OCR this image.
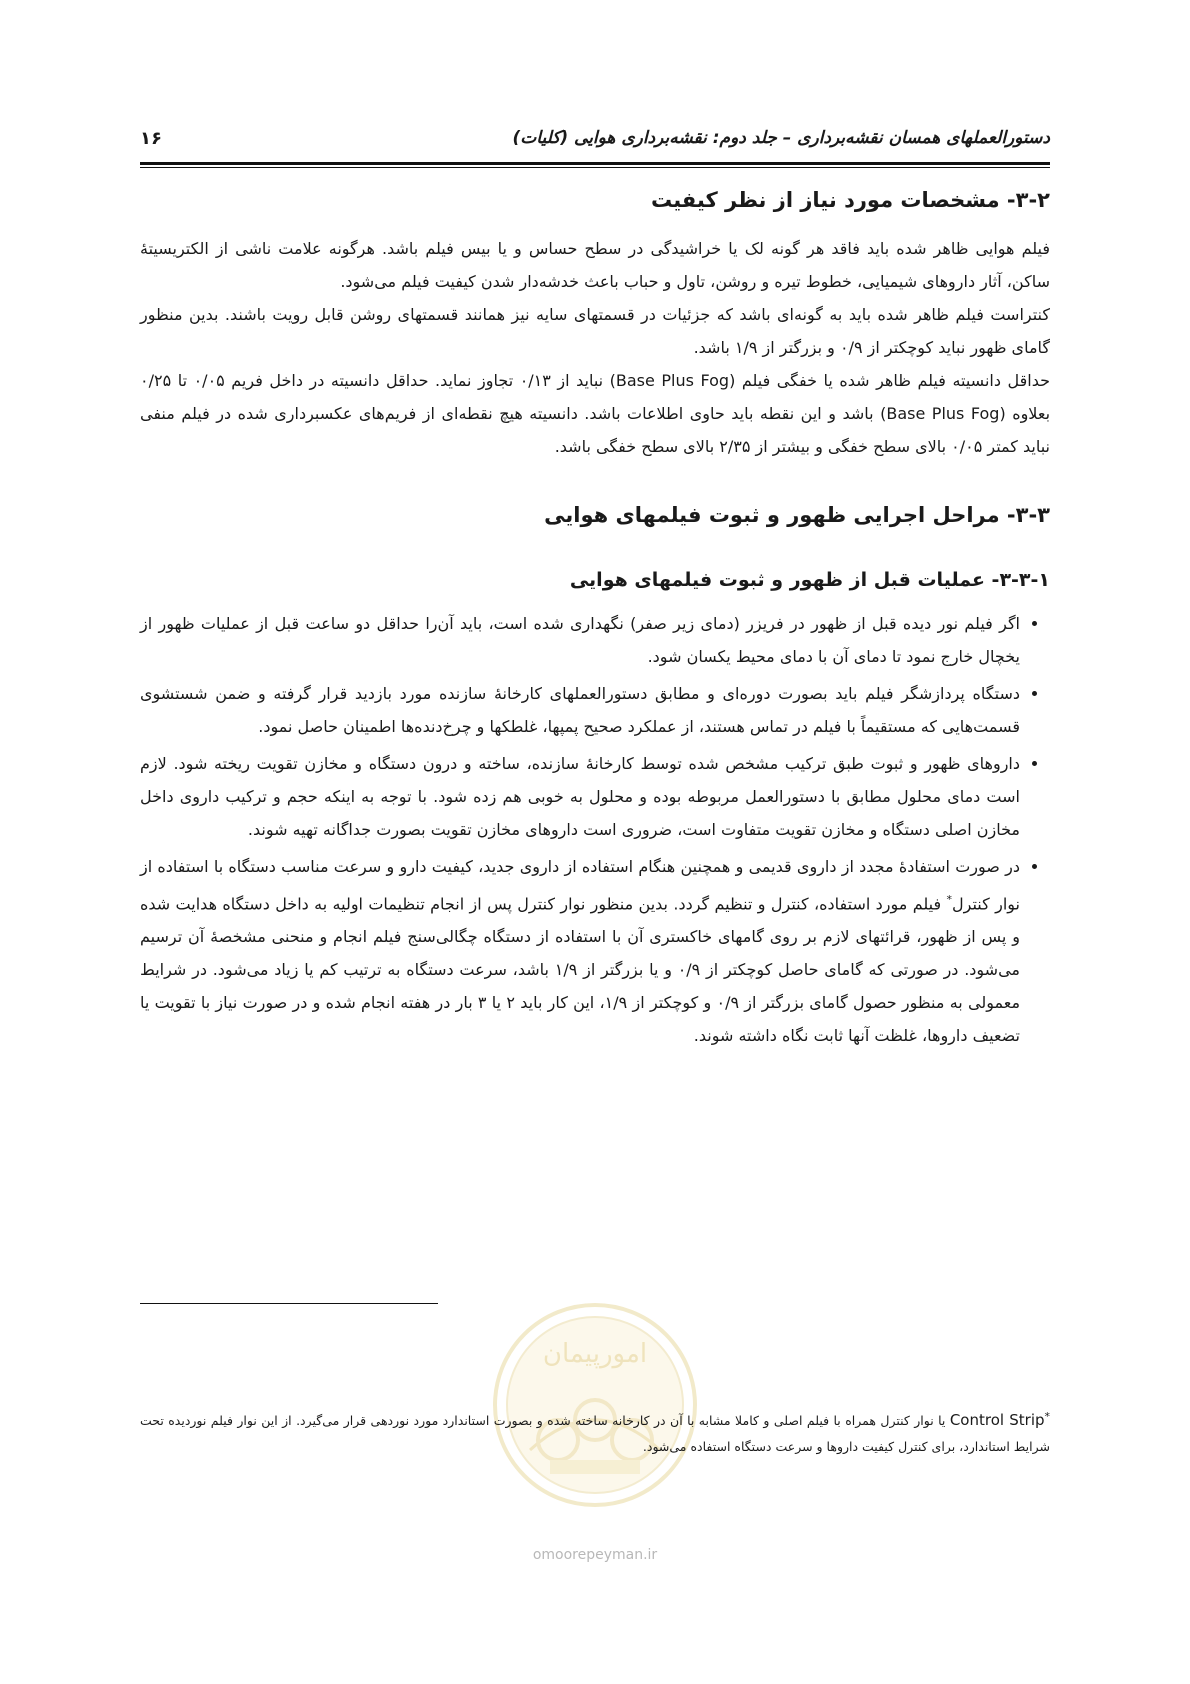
دستورالعملهای همسان نقشه‌برداری – جلد دوم: نقشه‌برداری هوایی (کلیات)
۱۶
۳-۲- مشخصات مورد نیاز از نظر کیفیت

فیلم هوایی ظاهر شده باید فاقد هر گونه لک یا خراشیدگی در سطح حساس و یا بیس فیلم باشد. هرگونه علامت ناشی از الکتریسیتهٔ ساکن، آثار داروهای شیمیایی، خطوط تیره و روشن، تاول و حباب باعث خدشه‌دار شدن کیفیت فیلم می‌شود.

کنتراست فیلم ظاهر شده باید به گونه‌ای باشد که جزئیات در قسمتهای سایه نیز همانند قسمتهای روشن قابل رویت باشند. بدین منظور گامای ظهور نباید کوچکتر از ۰/۹ و بزرگتر از ۱/۹ باشد.

حداقل دانسیته فیلم ظاهر شده یا خفگی فیلم (Base Plus Fog) نباید از ۰/۱۳ تجاوز نماید. حداقل دانسیته در داخل فریم ۰/۰۵ تا ۰/۲۵ بعلاوه (Base Plus Fog) باشد و این نقطه باید حاوی اطلاعات باشد. دانسیته هیچ نقطه‌ای از فریم‌های عکسبرداری شده در فیلم منفی نباید کمتر ۰/۰۵ بالای سطح خفگی و بیشتر از ۲/۳۵ بالای سطح خفگی باشد.

۳-۳- مراحل اجرایی ظهور و ثبوت فیلمهای هوایی
۳-۳-۱- عملیات قبل از ظهور و ثبوت فیلمهای هوایی
• اگر فیلم نور دیده قبل از ظهور در فریزر (دمای زیر صفر) نگهداری شده است، باید آن‌را حداقل دو ساعت قبل از عملیات ظهور از یخچال خارج نمود تا دمای آن با دمای محیط یکسان شود.
• دستگاه پردازشگر فیلم باید بصورت دوره‌ای و مطابق دستورالعملهای کارخانهٔ سازنده مورد بازدید قرار گرفته و ضمن شستشوی قسمت‌هایی که مستقیماً با فیلم در تماس هستند، از عملکرد صحیح پمپها، غلطکها و چرخ‌دنده‌ها اطمینان حاصل نمود.
• داروهای ظهور و ثبوت طبق ترکیب مشخص شده توسط کارخانهٔ سازنده، ساخته و درون دستگاه و مخازن تقویت ریخته شود. لازم است دمای محلول مطابق با دستورالعمل مربوطه بوده و محلول به خوبی هم زده شود. با توجه به اینکه حجم و ترکیب داروی داخل مخازن اصلی دستگاه و مخازن تقویت متفاوت است، ضروری است داروهای مخازن تقویت بصورت جداگانه تهیه شوند.
• در صورت استفادهٔ مجدد از داروی قدیمی و همچنین هنگام استفاده از داروی جدید، کیفیت دارو و سرعت مناسب دستگاه با استفاده از نوار کنترل* فیلم مورد استفاده، کنترل و تنظیم گردد. بدین منظور نوار کنترل پس از انجام تنظیمات اولیه به داخل دستگاه هدایت شده و پس از ظهور، قرائتهای لازم بر روی گامهای خاکستری آن با استفاده از دستگاه چگالی‌سنج فیلم انجام و منحنی مشخصهٔ آن ترسیم می‌شود. در صورتی که گامای حاصل کوچکتر از ۰/۹ و یا بزرگتر از ۱/۹ باشد، سرعت دستگاه به ترتیب کم یا زیاد می‌شود. در شرایط معمولی به منظور حصول گامای بزرگتر از ۰/۹ و کوچکتر از ۱/۹، این کار باید ۲ یا ۳ بار در هفته انجام شده و در صورت نیاز با تقویت یا تضعیف داروها، غلظت آنها ثابت نگاه داشته شوند.
امورپیمان
*Control Strip یا نوار کنترل همراه با فیلم اصلی و کاملا مشابه با آن در کارخانه ساخته شده و بصورت استاندارد مورد نوردهی قرار می‌گیرد. از این نوار فیلم نوردیده تحت شرایط استاندارد، برای کنترل کیفیت داروها و سرعت دستگاه استفاده می‌شود.
omoorepeyman.ir
